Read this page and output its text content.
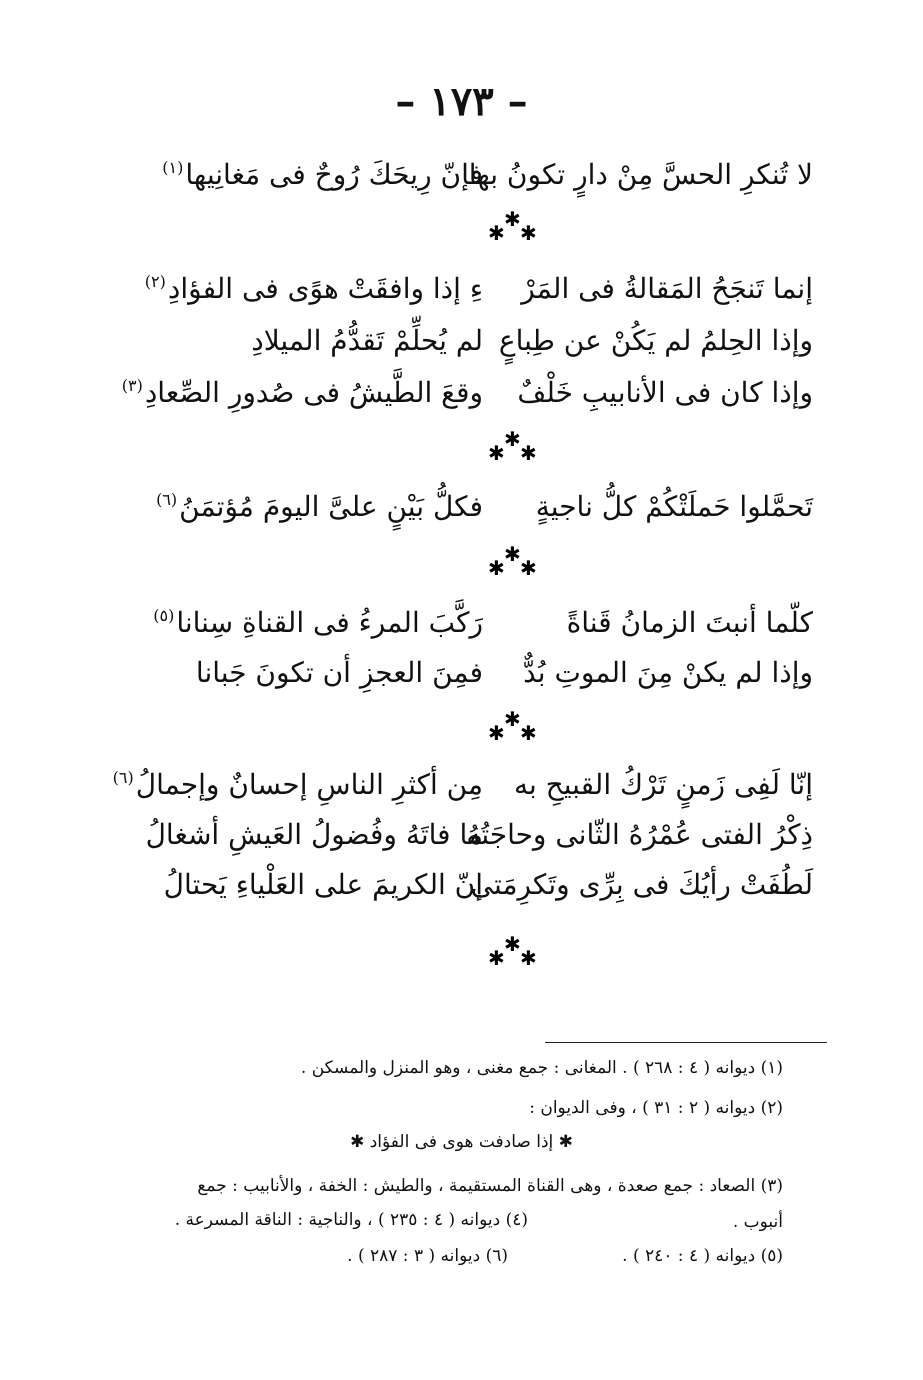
– ۱۷۳ –
لا تُنكرِ الحسَّ مِنْ دارٍ تكونُ بها
فإنّ رِيحَكَ رُوحٌ فى مَغانِيها$^{(١)}$
✱
✱
✱
إنما تَنجَحُ المَقالةُ فى المَرْ
ءِ إذا وافقَتْ هوًى فى الفؤادِ$^{(٢)}$
وإذا الحِلمُ لم يَكُنْ عن طِباعٍ
لم يُحلِّمْ تَقدُّمُ الميلادِ
وإذا كان فى الأنابيبِ خَلْفٌ
وقعَ الطَّيشُ فى صُدورِ الصِّعادِ$^{(٣)}$
✱
✱
✱
تَحمَّلوا حَملَتْكُمْ كلُّ ناجيةٍ
فكلُّ بَيْنٍ علىَّ اليومَ مُؤتمَنُ$^{(٦)}$
✱
✱
✱
كلّما أنبتَ الزمانُ قَناةً
رَكَّبَ المرءُ فى القناةِ سِنانا$^{(٥)}$
وإذا لم يكنْ مِنَ الموتِ بُدٌّ
فمِنَ العجزِ أن تكونَ جَبانا
✱
✱
✱
إنّا لَفِى زَمنٍ تَرْكُ القبيحِ به
مِن أكثرِ الناسِ إحسانٌ وإجمالُ$^{(٦)}$
ذِكْرُ الفتى عُمْرُهُ الثّانى وحاجَتُهُ
ما فاتَهُ وفُضولُ العَيشِ أشغالُ
لَطُفَتْ رأيُكَ فى بِرِّى وتَكرِمَتى
إنّ الكريمَ على العَلْياءِ يَحتالُ
✱
✱
✱
(١) ديوانه ( ٤ : ٢٦٨ ) . المغانى : جمع مغنى ، وهو المنزل والمسكن .
(٢) ديوانه ( ٢ : ٣١ ) ، وفى الديوان :
✱ إذا صادفت هوى فى الفؤاد ✱
(٣) الصعاد : جمع صعدة ، وهى القناة المستقيمة ، والطيش : الخفة ، والأنابيب : جمع أنبوب .
(٤) ديوانه ( ٤ : ٢٣٥ ) ، والناجية : الناقة المسرعة .
(٥) ديوانه ( ٤ : ٢٤٠ ) .
(٦) ديوانه ( ٣ : ٢٨٧ ) .
